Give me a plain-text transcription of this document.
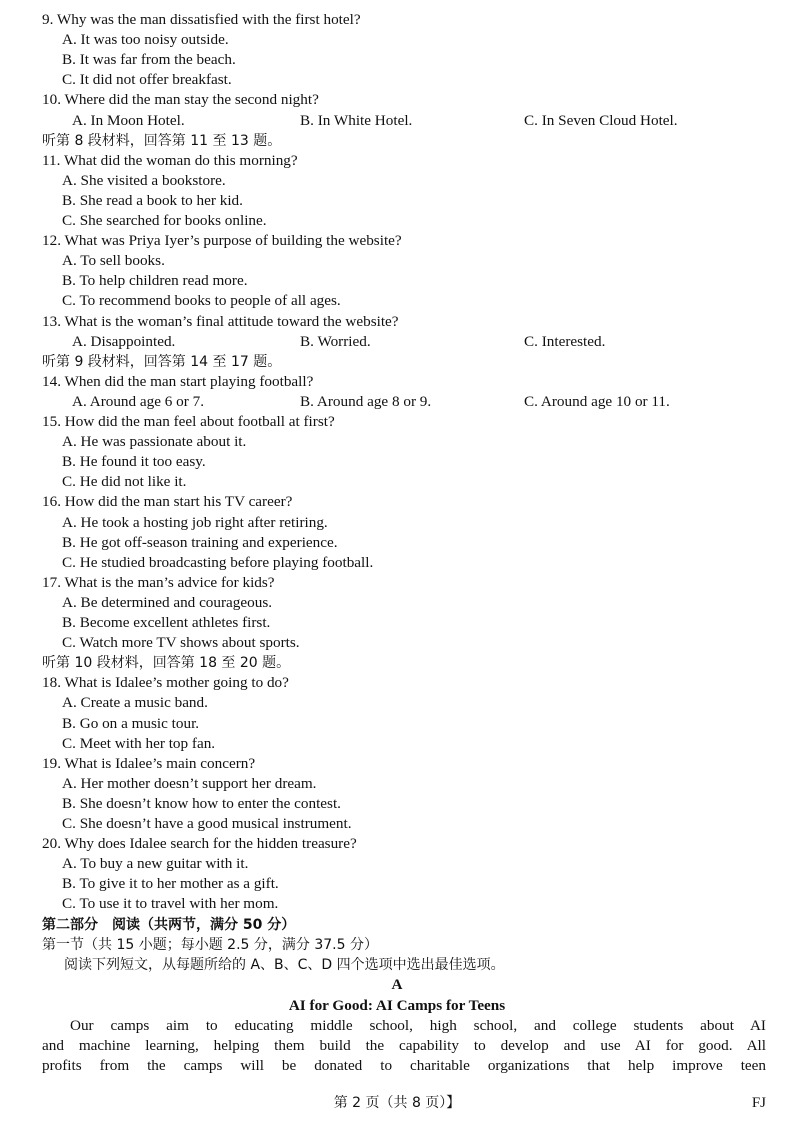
9. Why was the man dissatisfied with the first hotel?
A. It was too noisy outside.
B. It was far from the beach.
C. It did not offer breakfast.
10. Where did the man stay the second night?
A. In Moon Hotel.	B. In White Hotel.	C. In Seven Cloud Hotel.
听第 8 段材料，回答第 11 至 13 题。
11. What did the woman do this morning?
A. She visited a bookstore.
B. She read a book to her kid.
C. She searched for books online.
12. What was Priya Iyer’s purpose of building the website?
A. To sell books.
B. To help children read more.
C. To recommend books to people of all ages.
13. What is the woman’s final attitude toward the website?
A. Disappointed.	B. Worried.	C. Interested.
听第 9 段材料，回答第 14 至 17 题。
14. When did the man start playing football?
A. Around age 6 or 7.	B. Around age 8 or 9.	C. Around age 10 or 11.
15. How did the man feel about football at first?
A. He was passionate about it.
B. He found it too easy.
C. He did not like it.
16. How did the man start his TV career?
A. He took a hosting job right after retiring.
B. He got off-season training and experience.
C. He studied broadcasting before playing football.
17. What is the man’s advice for kids?
A. Be determined and courageous.
B. Become excellent athletes first.
C. Watch more TV shows about sports.
听第 10 段材料，回答第 18 至 20 题。
18. What is Idalee’s mother going to do?
A. Create a music band.
B. Go on a music tour.
C. Meet with her top fan.
19. What is Idalee’s main concern?
A. Her mother doesn’t support her dream.
B. She doesn’t know how to enter the contest.
C. She doesn’t have a good musical instrument.
20. Why does Idalee search for the hidden treasure?
A. To buy a new guitar with it.
B. To give it to her mother as a gift.
C. To use it to travel with her mom.
第二部分　阅读（共两节，满分 50 分）
第一节（共 15 小题；每小题 2.5 分，满分 37.5 分）
阅读下列短文，从每题所给的 A、B、C、D 四个选项中选出最佳选项。
A
AI for Good: AI Camps for Teens
Our camps aim to educating middle school, high school, and college students about AI
and machine learning, helping them build the capability to develop and use AI for good. All
profits from the camps will be donated to charitable organizations that help improve teen
第 2 页（共 8 页）】	FJ
